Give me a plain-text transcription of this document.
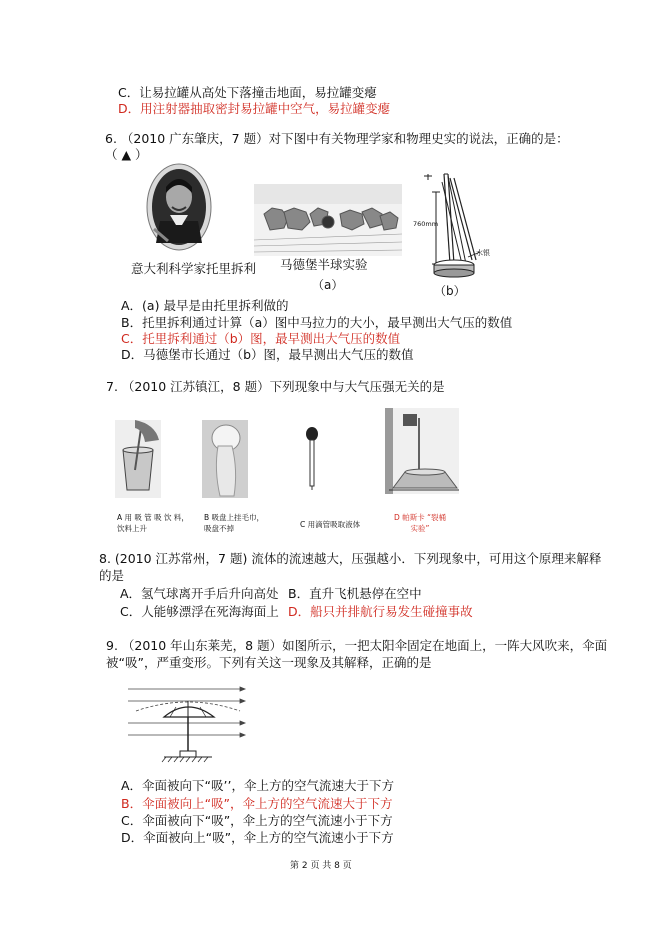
C．让易拉罐从高处下落撞击地面，易拉罐变瘪
D．用注射器抽取密封易拉罐中空气，易拉罐变瘪
6. （2010 广东肇庆，7 题）对下图中有关物理学家和物理史实的说法，正确的是：
（ ▲ ）
760mm
水银
意大利科学家托里拆利 马德堡半球实验
（a）	（b）
A．(a) 最早是由托里拆利做的
B．托里拆利通过计算（a）图中马拉力的大小，最早测出大气压的数值
C．托里拆利通过（b）图，最早测出大气压的数值
D．马德堡市长通过（b）图，最早测出大气压的数值
7. （2010 江苏镇江，8 题）下列现象中与大气压强无关的是
A 用 吸 管 吸 饮 料，饮料上升
B 吸盘上挂毛巾，吸盘不掉	C 用滴管吸取液体
D 帕斯卡 “裂桶实验”
8. (2010 江苏常州，7 题) 流体的流速越大，压强越小．下列现象中，可用这个原理来解释
的是
A．氢气球离开手后升向高处 B．直升飞机悬停在空中
C．人能够漂浮在死海海面上 D．船只并排航行易发生碰撞事故
9. （2010 年山东莱芜，8 题）如图所示，一把太阳伞固定在地面上，一阵大风吹来，伞面
被“吸”，严重变形。下列有关这一现象及其解释，正确的是
A．伞面被向下“吸’’，伞上方的空气流速大于下方
B．伞面被向上“吸”，伞上方的空气流速大于下方
C．伞面被向下“吸”，伞上方的空气流速小于下方
D．伞面被向上“吸”，伞上方的空气流速小于下方
第 2 页 共 8 页
